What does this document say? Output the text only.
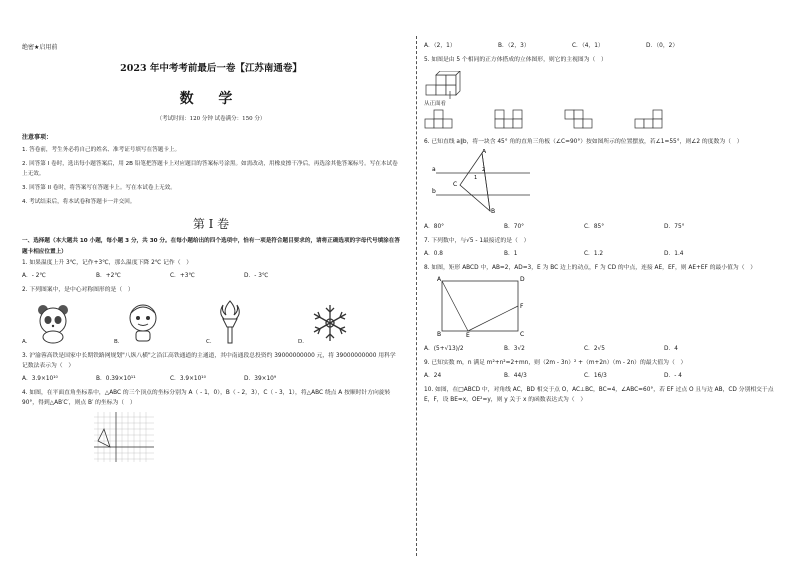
绝密★启用前
2023 年中考考前最后一卷【江苏南通卷】
数 学
（考试时间：120 分钟 试卷满分：150 分）
注意事项：
1. 答卷前，考生务必将自己的姓名、准考证号填写在答题卡上。
2. 回答第 I 卷时，选出每小题答案后，用 2B 铅笔把答题卡上对应题目的答案标号涂黑。如需改动，用橡皮擦干净后，再选涂其他答案标号。写在本试卷上无效。
3. 回答第 II 卷时，将答案写在答题卡上。写在本试卷上无效。
4. 考试结束后，将本试卷和答题卡一并交回。
第 I 卷
一、选择题（本大题共 10 小题，每小题 3 分，共 30 分。在每小题给出的四个选项中，恰有一项是符合题目要求的，请将正确选项的字母代号填涂在答题卡相应位置上）
1. 如果温度上升 3℃，记作+3℃，那么温度下降 2℃ 记作（　）
A．- 2℃	B．+2℃	C．+3℃	D．- 3℃
2. 下列图案中，是中心对称图形的是（　）
A．	B．	C．	D．
3. 沪渝蓉高铁是国家中长期铁路网规划"八纵八横"之沿江高铁通道的主通道，其中南通段总投资约 39000000000 元，将 39000000000 用科学记数法表示为（　）
A．3.9×10¹⁰	B．0.39×10¹¹	C．3.9×10¹⁰	D．39×10⁹
4. 如图，在平面直角坐标系中，△ABC 的三个顶点的坐标分别为 A（ - 1，0），B（ - 2，3），C（ - 3，1），将△ABC 绕点 A 按顺时针方向旋转 90°，得到△AB′C′，则点 B′ 的坐标为（　）
A．（2，1）	B．（2，3）	C．（4，1）	D．（0，2）
5. 如图是由 5 个相同的正方体搭成的立体图形，则它的主视图为（　）
从正面看
6. 已知直线 a∥b，将一块含 45° 角的直角三角板（∠C=90°）按如图所示的位置摆放，若∠1=55°，则∠2 的度数为（　）
A
B
C
a
b
1
2
A．80°	B．70°	C．85°	D．75°
7. 下列数中，与√5 - 1最接近的是（　）
A．0.8	B．1	C．1.2	D．1.4
8. 如图，矩形 ABCD 中，AB=2，AD=3，E 为 BC 边上的动点，F 为 CD 的中点，连接 AE，EF，则 AE+EF 的最小值为（　）
A	D
F
B	E	C
A．(5+√13)/2	B．3√2	C．2√5	D．4
9. 已知实数 m，n 满足 m²+n²=2+mn，则（2m - 3n）² +（m+2n）（m - 2n）的最大值为（　）
A．24	B．44/3	C．16/3	D．- 4
10. 如图，在□ABCD 中，对角线 AC，BD 相交于点 O，AC⊥BC，BC=4，∠ABC=60°，若 EF 过点 O 且与边 AB，CD 分别相交于点 E，F，设 BE=x，OE²=y，则 y 关于 x 的函数表达式为（　）
